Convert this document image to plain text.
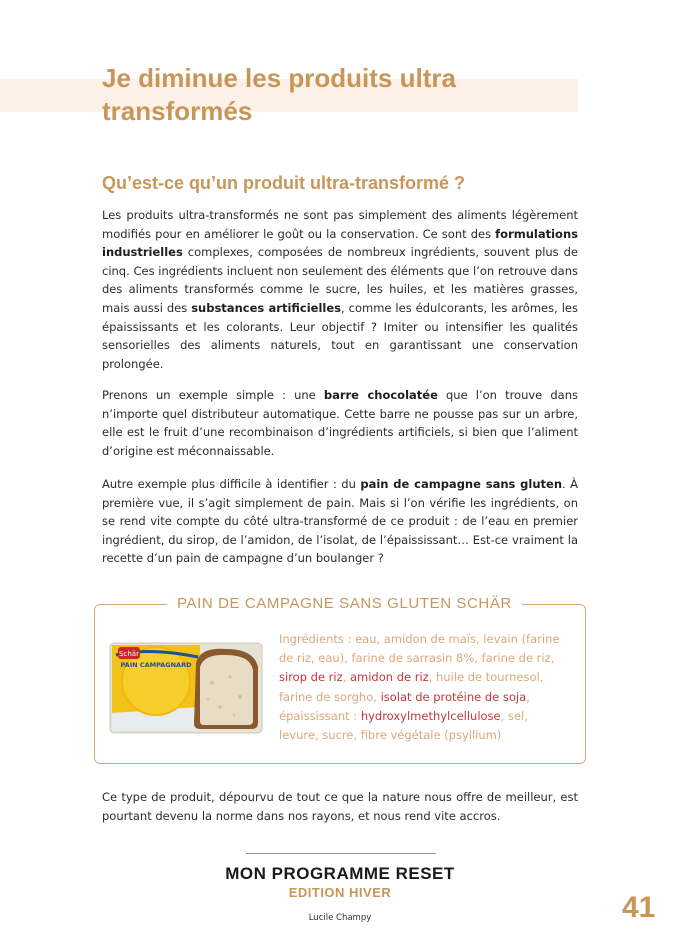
Je diminue les produits ultra transformés
Qu’est-ce qu’un produit ultra-transformé ?

Les produits ultra-transformés ne sont pas simplement des aliments légèrement modifiés pour en améliorer le goût ou la conservation. Ce sont des formulations industrielles complexes, composées de nombreux ingrédients, souvent plus de cinq. Ces ingrédients incluent non seulement des éléments que l’on retrouve dans des aliments transformés comme le sucre, les huiles, et les matières grasses, mais aussi des substances artificielles, comme les édulcorants, les arômes, les épaississants et les colorants. Leur objectif ? Imiter ou intensifier les qualités sensorielles des aliments naturels, tout en garantissant une conservation prolongée.

Prenons un exemple simple : une barre chocolatée que l’on trouve dans n’importe quel distributeur automatique. Cette barre ne pousse pas sur un arbre, elle est le fruit d’une recombinaison d’ingrédients artificiels, si bien que l’aliment d’origine est méconnaissable.

Autre exemple plus difficile à identifier : du pain de campagne sans gluten. À première vue, il s’agit simplement de pain. Mais si l’on vérifie les ingrédients, on se rend vite compte du côté ultra-transformé de ce produit : de l’eau en premier ingrédient, du sirop, de l’amidon, de l’isolat, de l’épaississant… Est-ce vraiment la recette d’un pain de campagne d’un boulanger ?

PAIN DE CAMPAGNE SANS GLUTEN SCHÄR
Schär
PAIN CAMPAGNARD

Ingrédients : eau, amidon de maïs, levain (farine de riz, eau), farine de sarrasin 8%, farine de riz, sirop de riz, amidon de riz, huile de tournesol, farine de sorgho, isolat de protéine de soja, épaississant : hydroxylmethylcellulose, sel, levure, sucre, fibre végétale (psyllium)

Ce type de produit, dépourvu de tout ce que la nature nous offre de meilleur, est pourtant devenu la norme dans nos rayons, et nous rend vite accros.

MON PROGRAMME RESET

EDITION HIVER

Lucile Champy	41
